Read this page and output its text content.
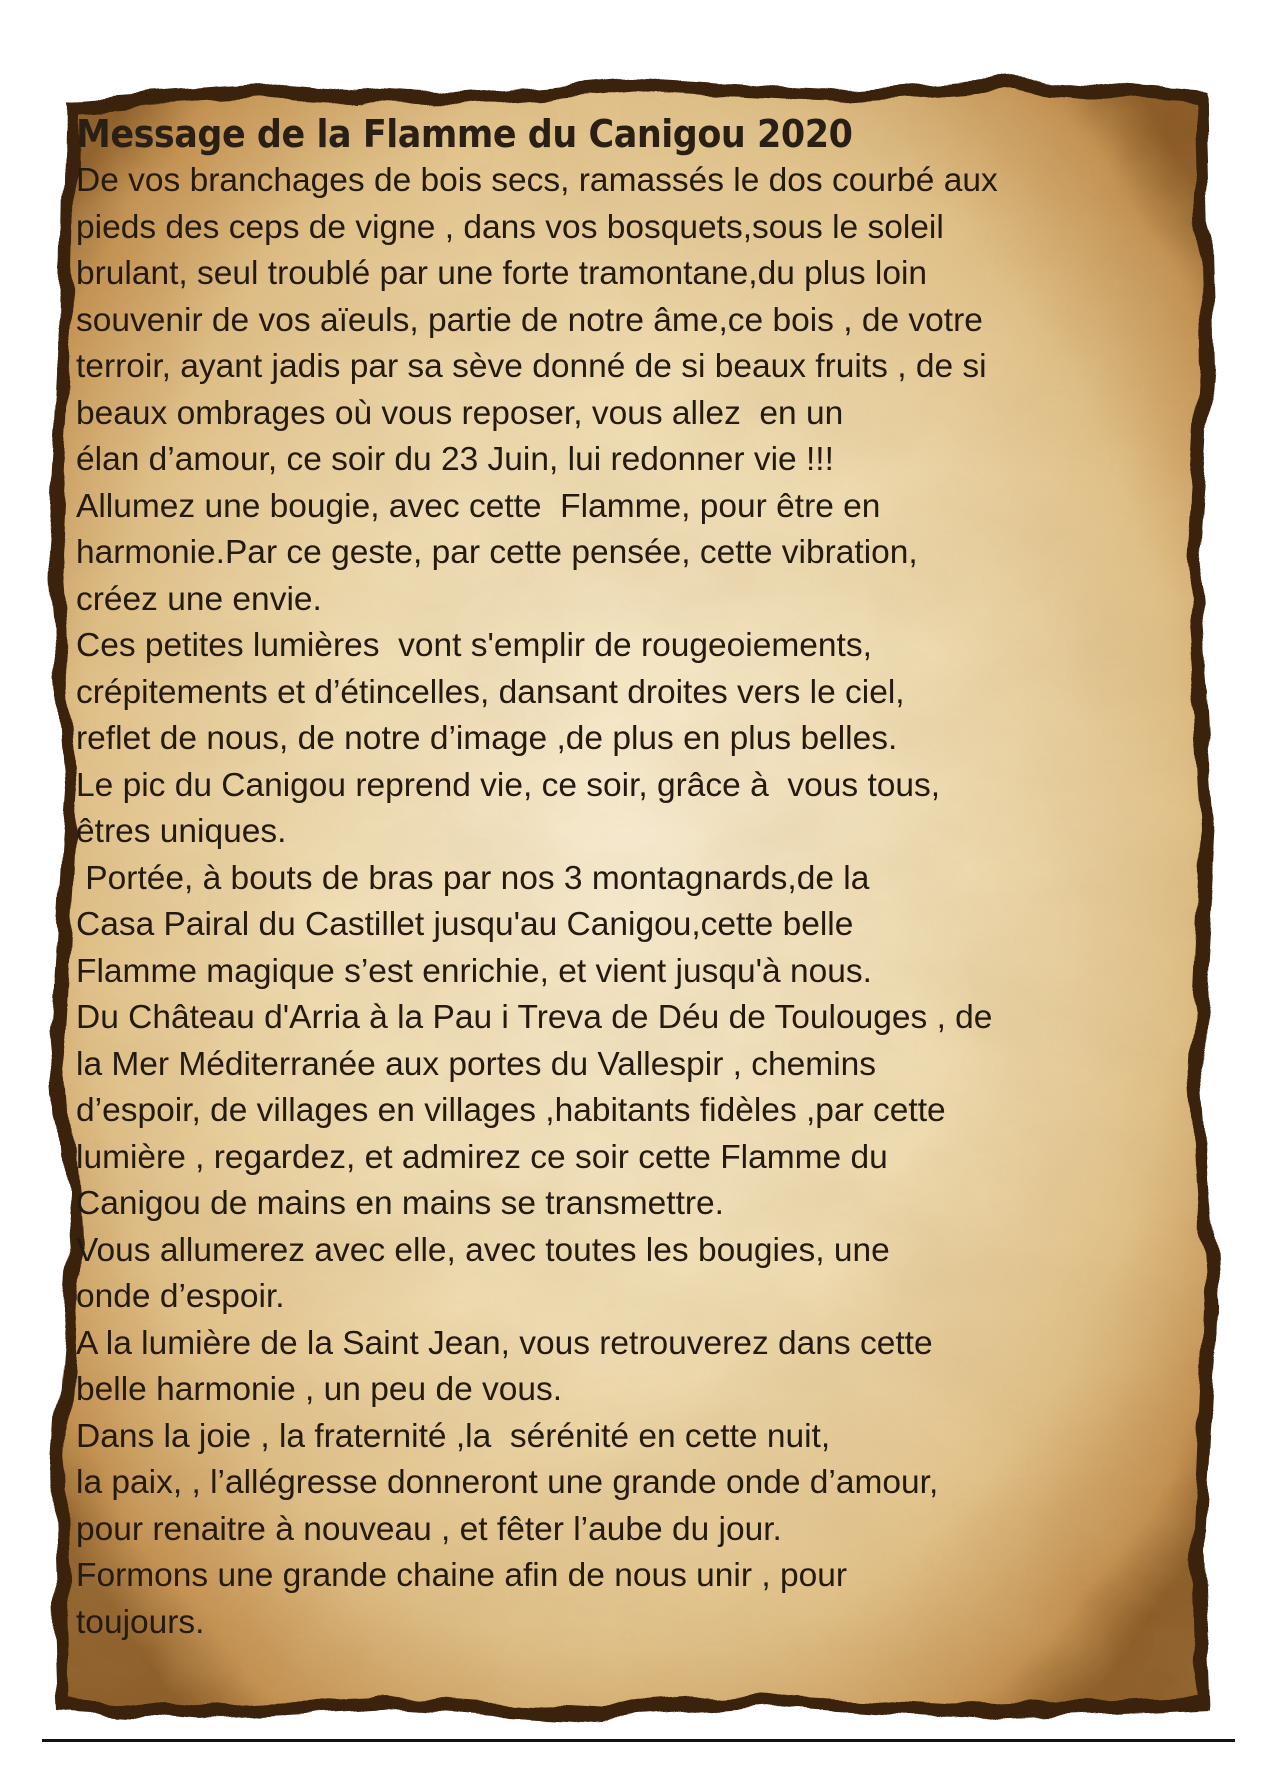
Message de la Flamme du Canigou 2020
De vos branchages de bois secs, ramassés le dos courbé aux
pieds des ceps de vigne , dans vos bosquets,sous le soleil
brulant, seul troublé par une forte tramontane,du plus loin
souvenir de vos aïeuls, partie de notre âme,ce bois , de votre
terroir, ayant jadis par sa sève donné de si beaux fruits , de si
beaux ombrages où vous reposer, vous allez  en un
élan d’amour, ce soir du 23 Juin, lui redonner vie !!!
Allumez une bougie, avec cette  Flamme, pour être en
harmonie.Par ce geste, par cette pensée, cette vibration,
créez une envie.
Ces petites lumières  vont s'emplir de rougeoiements,
crépitements et d’étincelles, dansant droites vers le ciel,
reflet de nous, de notre d’image ,de plus en plus belles.
Le pic du Canigou reprend vie, ce soir, grâce à  vous tous,
êtres uniques.
Portée, à bouts de bras par nos 3 montagnards,de la
Casa Pairal du Castillet jusqu'au Canigou,cette belle
Flamme magique s’est enrichie, et vient jusqu'à nous.
Du Château d'Arria à la Pau i Treva de Déu de Toulouges , de
la Mer Méditerranée aux portes du Vallespir , chemins
d’espoir, de villages en villages ,habitants fidèles ,par cette
lumière , regardez, et admirez ce soir cette Flamme du
Canigou de mains en mains se transmettre.
Vous allumerez avec elle, avec toutes les bougies, une
onde d’espoir.
A la lumière de la Saint Jean, vous retrouverez dans cette
belle harmonie , un peu de vous.
Dans la joie , la fraternité ,la  sérénité en cette nuit,
la paix, , l’allégresse donneront une grande onde d’amour,
pour renaitre à nouveau , et fêter l’aube du jour.
Formons une grande chaine afin de nous unir , pour
toujours.
